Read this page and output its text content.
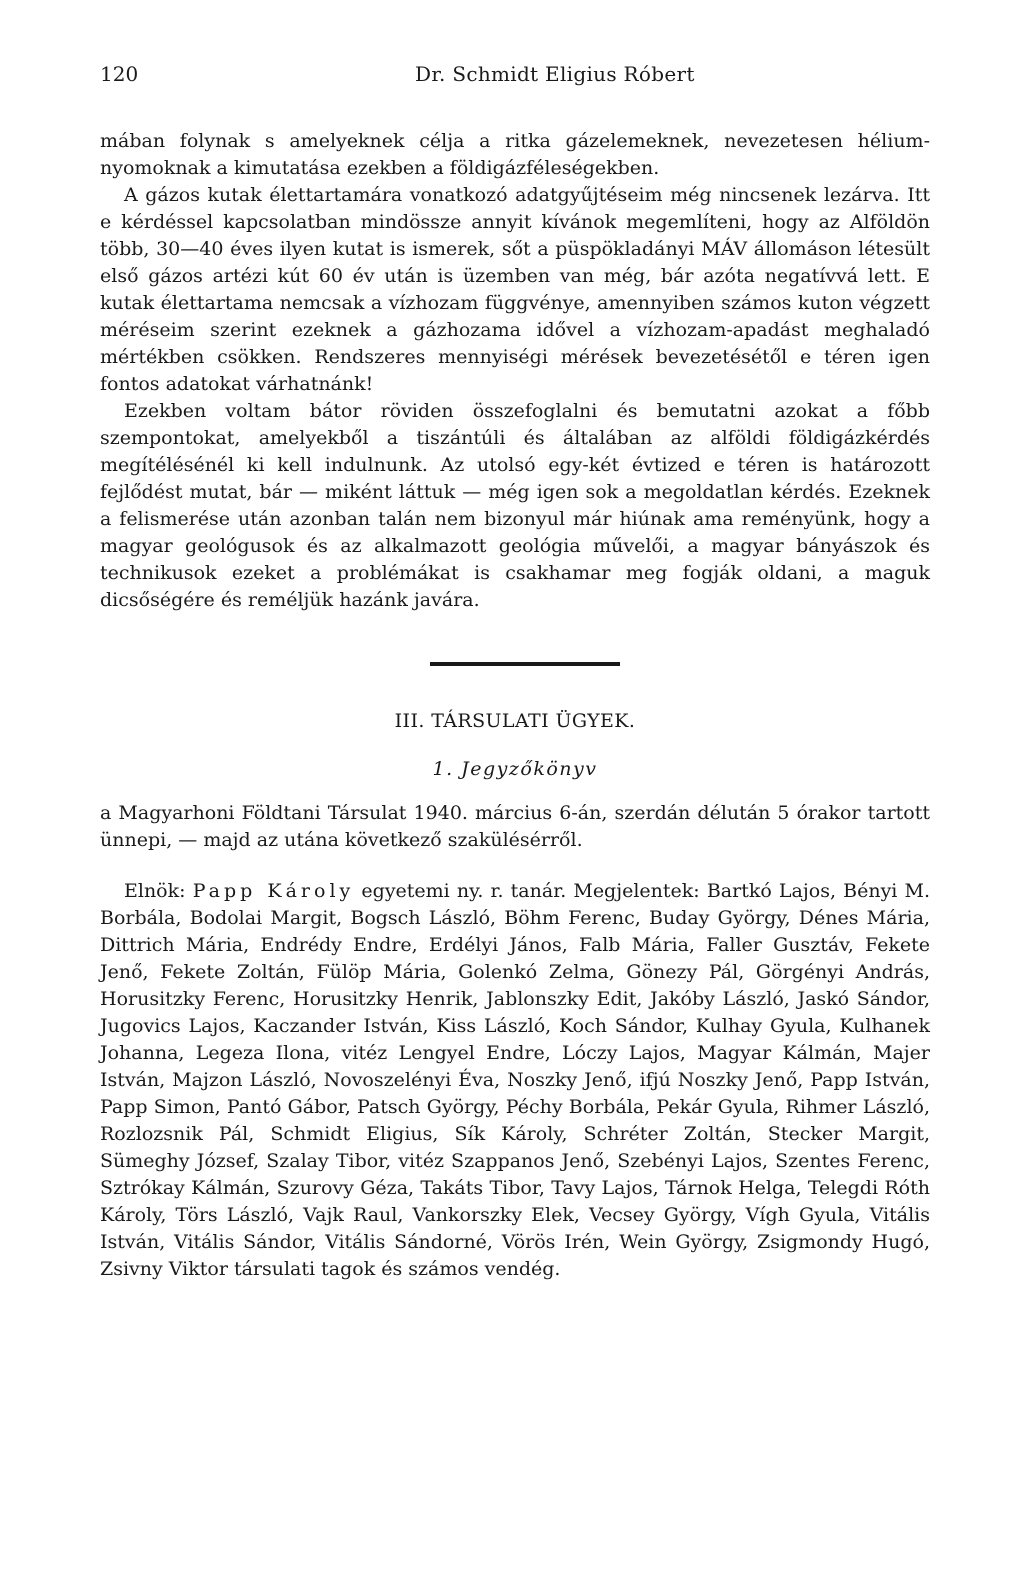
120	Dr. Schmidt Eligius Róbert

mában folynak s amelyeknek célja a ritka gázelemeknek, nevezetesen hélium-nyomoknak a kimutatása ezekben a földigázféleségekben.

A gázos kutak élettartamára vonatkozó adatgyűjtéseim még nincsenek lezárva. Itt e kérdéssel kapcsolatban mindössze annyit kívánok megemlíteni, hogy az Alföldön több, 30—40 éves ilyen kutat is ismerek, sőt a püspökladányi MÁV állomáson létesült első gázos artézi kút 60 év után is üzemben van még, bár azóta negatívvá lett. E kutak élettartama nemcsak a vízhozam függvénye, amennyiben számos kuton végzett méréseim szerint ezeknek a gázhozama idővel a vízhozam-apadást meghaladó mértékben csökken. Rendszeres mennyiségi mérések bevezetésétől e téren igen fontos adatokat várhatnánk!

Ezekben voltam bátor röviden összefoglalni és bemutatni azokat a főbb szempontokat, amelyekből a tiszántúli és általában az alföldi földigázkérdés megítélésénél ki kell indulnunk. Az utolsó egy-két évtized e téren is határozott fejlődést mutat, bár — miként láttuk — még igen sok a megoldatlan kérdés. Ezeknek a felismerése után azonban talán nem bizonyul már hiúnak ama reményünk, hogy a magyar geológusok és az alkalmazott geológia művelői, a magyar bányászok és technikusok ezeket a problémákat is csakhamar meg fogják oldani, a maguk dicsőségére és reméljük hazánk javára.

III. TÁRSULATI ÜGYEK.
1. Jegyzőkönyv

a Magyarhoni Földtani Társulat 1940. március 6-án, szerdán délután 5 órakor tartott ünnepi, — majd az utána következő szakülésérről.

Elnök: Papp Károly egyetemi ny. r. tanár. Megjelentek: Bartkó Lajos, Bényi M. Borbála, Bodolai Margit, Bogsch László, Böhm Ferenc, Buday György, Dénes Mária, Dittrich Mária, Endrédy Endre, Erdélyi János, Falb Mária, Faller Gusztáv, Fekete Jenő, Fekete Zoltán, Fülöp Mária, Golenkó Zelma, Gönezy Pál, Görgényi András, Horusitzky Ferenc, Horusitzky Henrik, Jablonszky Edit, Jakóby László, Jaskó Sándor, Jugovics Lajos, Kaczander István, Kiss László, Koch Sándor, Kulhay Gyula, Kulhanek Johanna, Legeza Ilona, vitéz Lengyel Endre, Lóczy Lajos, Magyar Kálmán, Majer István, Majzon László, Novoszelényi Éva, Noszky Jenő, ifjú Noszky Jenő, Papp István, Papp Simon, Pantó Gábor, Patsch György, Péchy Borbála, Pekár Gyula, Rihmer László, Rozlozsnik Pál, Schmidt Eligius, Sík Károly, Schréter Zoltán, Stecker Margit, Sümeghy József, Szalay Tibor, vitéz Szappanos Jenő, Szebényi Lajos, Szentes Ferenc, Sztrókay Kálmán, Szurovy Géza, Takáts Tibor, Tavy Lajos, Tárnok Helga, Telegdi Róth Károly, Törs László, Vajk Raul, Vankorszky Elek, Vecsey György, Vígh Gyula, Vitális István, Vitális Sándor, Vitális Sándorné, Vörös Irén, Wein György, Zsigmondy Hugó, Zsivny Viktor társulati tagok és számos vendég.
